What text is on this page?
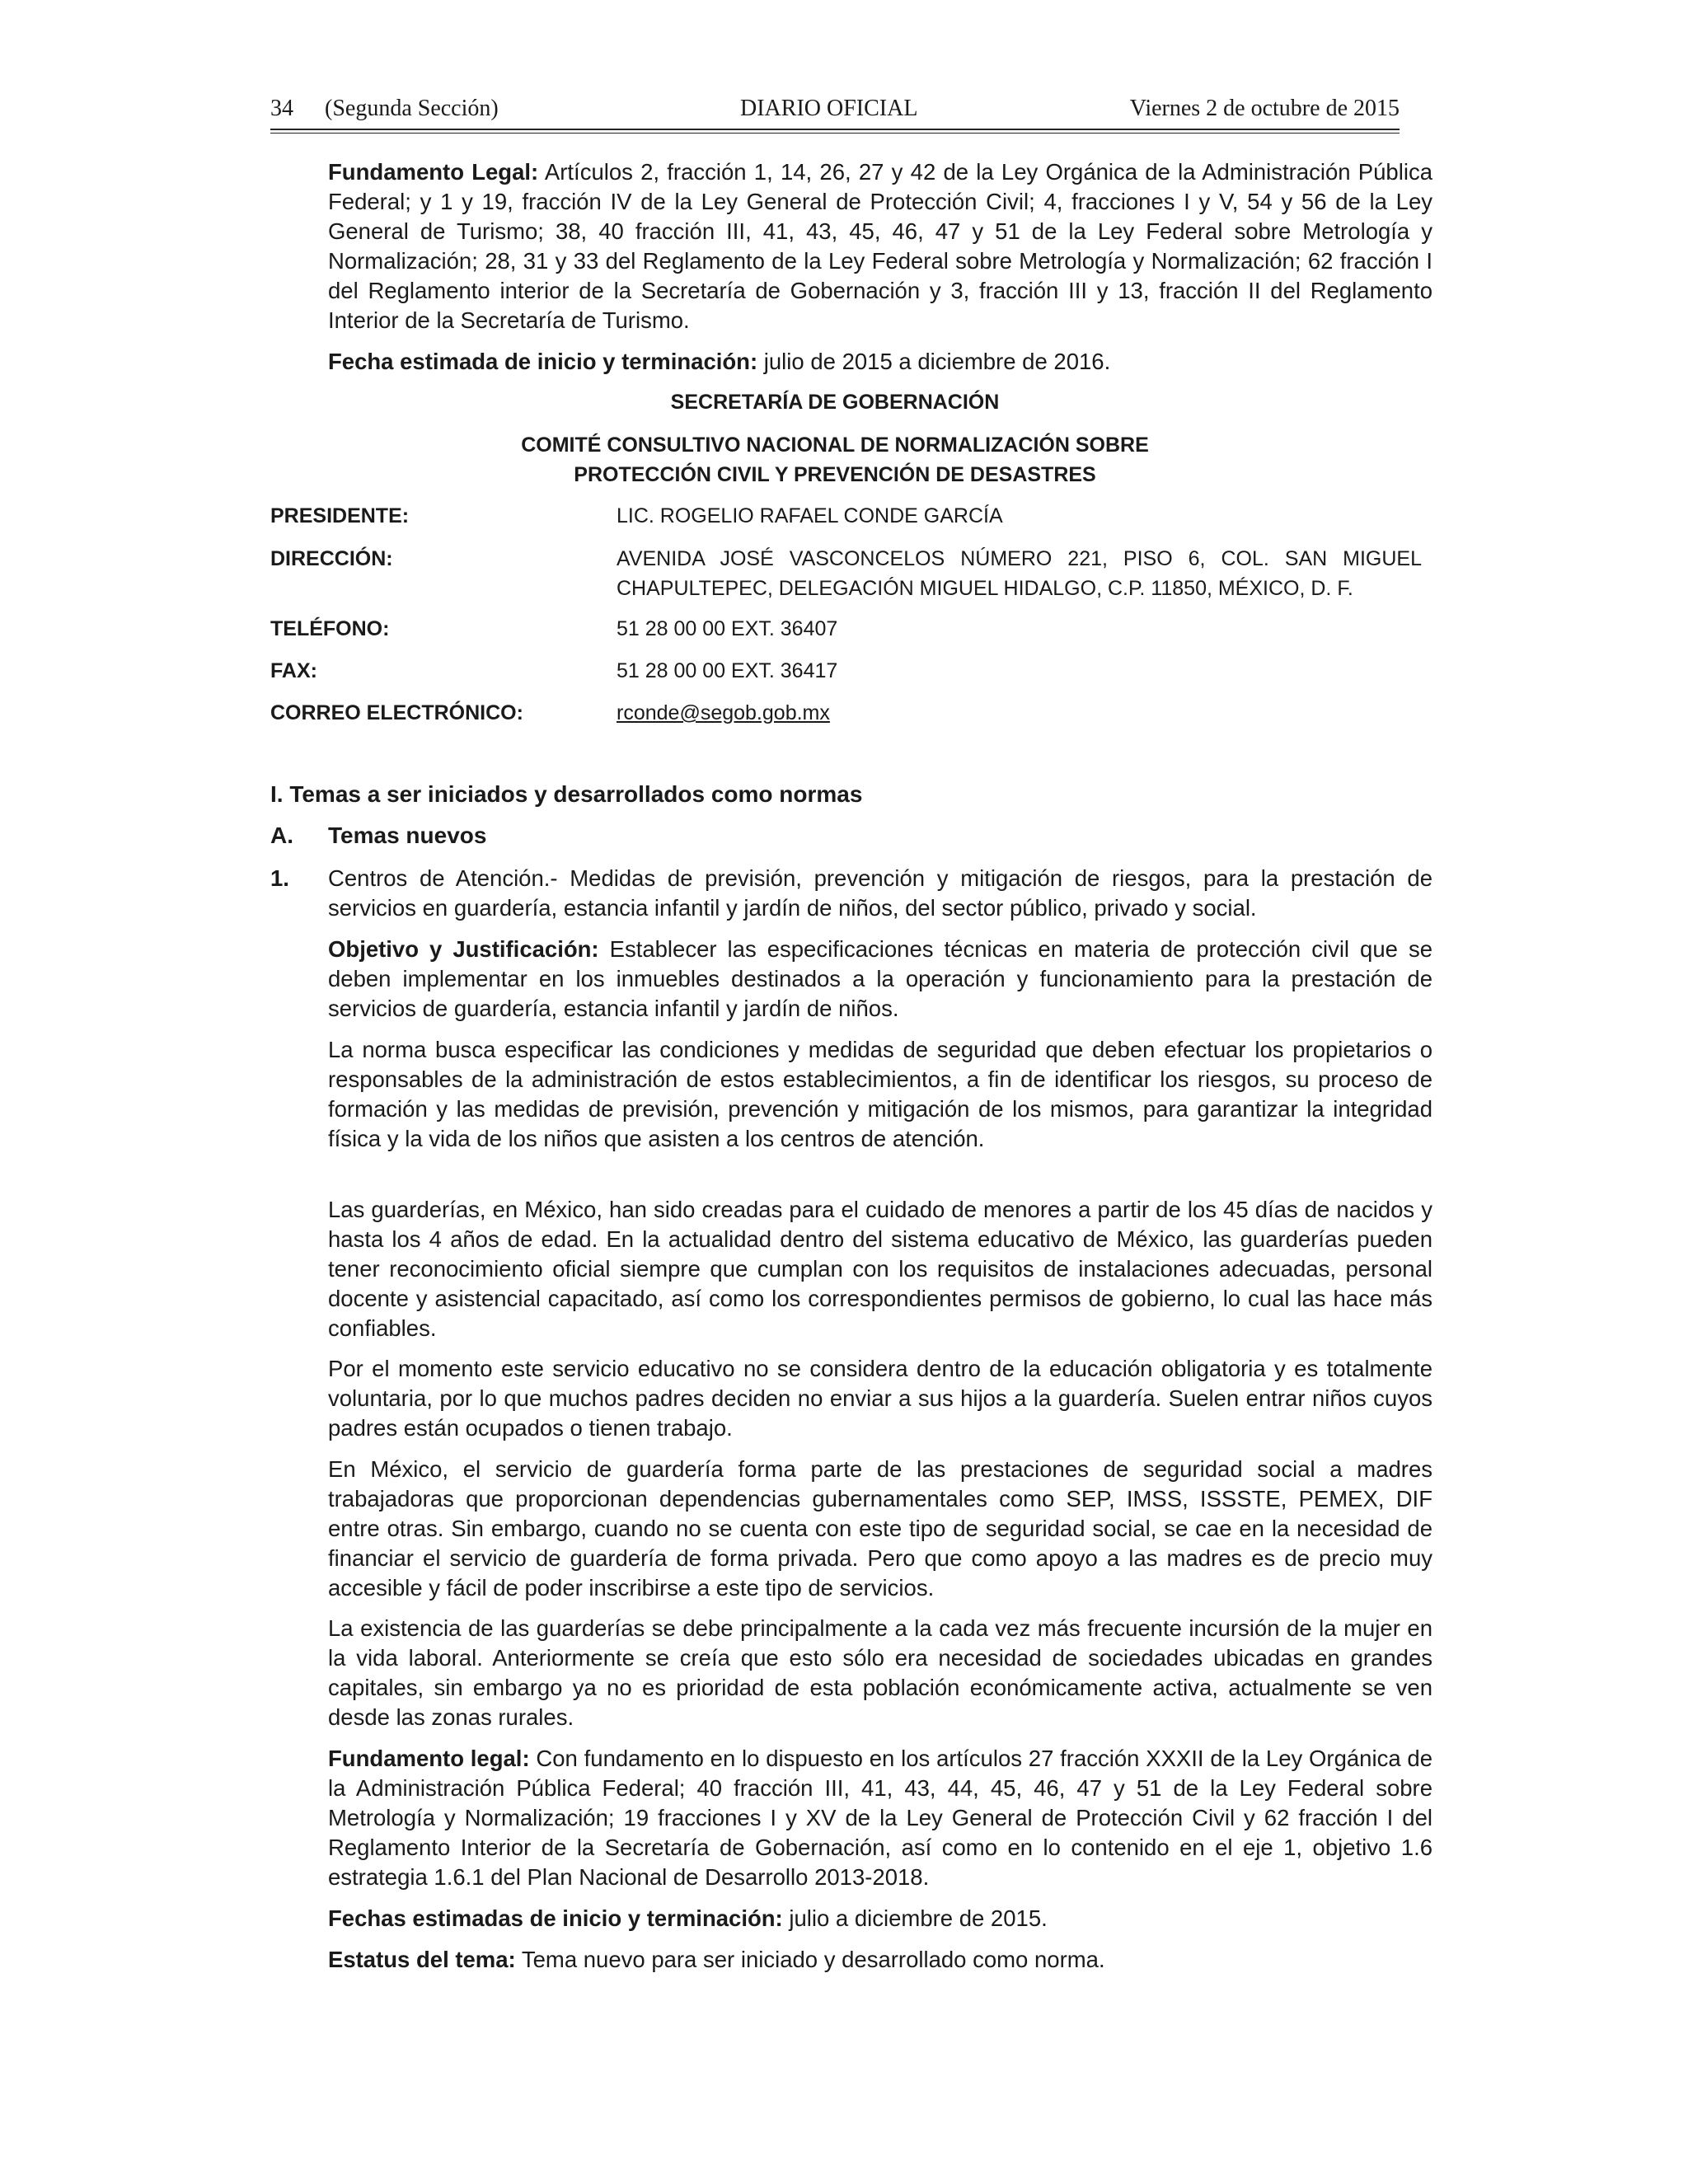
34 (Segunda Sección)	DIARIO OFICIAL	Viernes 2 de octubre de 2015

Fundamento Legal: Artículos 2, fracción 1, 14, 26, 27 y 42 de la Ley Orgánica de la Administración Pública Federal; y 1 y 19, fracción IV de la Ley General de Protección Civil; 4, fracciones I y V, 54 y 56 de la Ley General de Turismo; 38, 40 fracción III, 41, 43, 45, 46, 47 y 51 de la Ley Federal sobre Metrología y Normalización; 28, 31 y 33 del Reglamento de la Ley Federal sobre Metrología y Normalización; 62 fracción I del Reglamento interior de la Secretaría de Gobernación y 3, fracción III y 13, fracción II del Reglamento Interior de la Secretaría de Turismo.

Fecha estimada de inicio y terminación: julio de 2015 a diciembre de 2016.

SECRETARÍA DE GOBERNACIÓN
COMITÉ CONSULTIVO NACIONAL DE NORMALIZACIÓN SOBRE
PROTECCIÓN CIVIL Y PREVENCIÓN DE DESASTRES
PRESIDENTE:	LIC. ROGELIO RAFAEL CONDE GARCÍA
DIRECCIÓN:	AVENIDA JOSÉ VASCONCELOS NÚMERO 221, PISO 6, COL. SAN MIGUEL CHAPULTEPEC, DELEGACIÓN MIGUEL HIDALGO, C.P. 11850, MÉXICO, D. F.
TELÉFONO:	51 28 00 00 EXT. 36407
FAX:	51 28 00 00 EXT. 36417
CORREO ELECTRÓNICO:	rconde@segob.gob.mx
I. Temas a ser iniciados y desarrollados como normas
A. Temas nuevos
1. Centros de Atención.- Medidas de previsión, prevención y mitigación de riesgos, para la prestación de servicios en guardería, estancia infantil y jardín de niños, del sector público, privado y social.

Objetivo y Justificación: Establecer las especificaciones técnicas en materia de protección civil que se deben implementar en los inmuebles destinados a la operación y funcionamiento para la prestación de servicios de guardería, estancia infantil y jardín de niños.

La norma busca especificar las condiciones y medidas de seguridad que deben efectuar los propietarios o responsables de la administración de estos establecimientos, a fin de identificar los riesgos, su proceso de formación y las medidas de previsión, prevención y mitigación de los mismos, para garantizar la integridad física y la vida de los niños que asisten a los centros de atención.

Las guarderías, en México, han sido creadas para el cuidado de menores a partir de los 45 días de nacidos y hasta los 4 años de edad. En la actualidad dentro del sistema educativo de México, las guarderías pueden tener reconocimiento oficial siempre que cumplan con los requisitos de instalaciones adecuadas, personal docente y asistencial capacitado, así como los correspondientes permisos de gobierno, lo cual las hace más confiables.

Por el momento este servicio educativo no se considera dentro de la educación obligatoria y es totalmente voluntaria, por lo que muchos padres deciden no enviar a sus hijos a la guardería. Suelen entrar niños cuyos padres están ocupados o tienen trabajo.

En México, el servicio de guardería forma parte de las prestaciones de seguridad social a madres trabajadoras que proporcionan dependencias gubernamentales como SEP, IMSS, ISSSTE, PEMEX, DIF entre otras. Sin embargo, cuando no se cuenta con este tipo de seguridad social, se cae en la necesidad de financiar el servicio de guardería de forma privada. Pero que como apoyo a las madres es de precio muy accesible y fácil de poder inscribirse a este tipo de servicios.

La existencia de las guarderías se debe principalmente a la cada vez más frecuente incursión de la mujer en la vida laboral. Anteriormente se creía que esto sólo era necesidad de sociedades ubicadas en grandes capitales, sin embargo ya no es prioridad de esta población económicamente activa, actualmente se ven desde las zonas rurales.

Fundamento legal: Con fundamento en lo dispuesto en los artículos 27 fracción XXXII de la Ley Orgánica de la Administración Pública Federal; 40 fracción III, 41, 43, 44, 45, 46, 47 y 51 de la Ley Federal sobre Metrología y Normalización; 19 fracciones I y XV de la Ley General de Protección Civil y 62 fracción I del Reglamento Interior de la Secretaría de Gobernación, así como en lo contenido en el eje 1, objetivo 1.6 estrategia 1.6.1 del Plan Nacional de Desarrollo 2013-2018.

Fechas estimadas de inicio y terminación: julio a diciembre de 2015.

Estatus del tema: Tema nuevo para ser iniciado y desarrollado como norma.
